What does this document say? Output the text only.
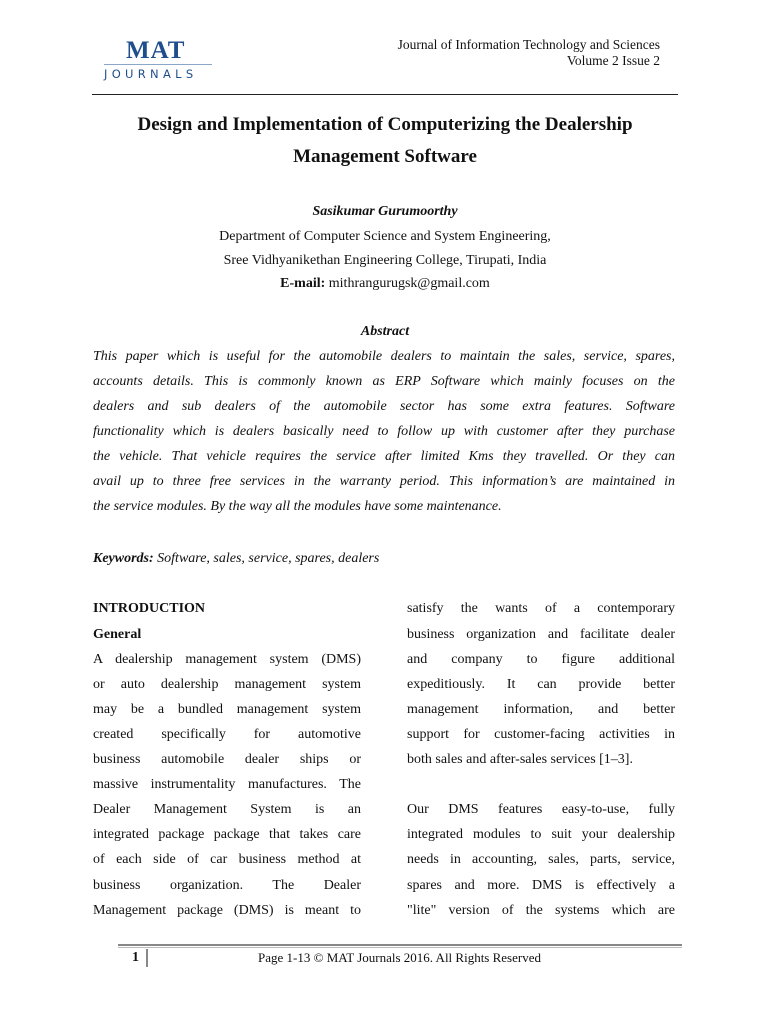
MAT
JOURNALS
Journal of Information Technology and Sciences
Volume 2 Issue 2
Design and Implementation of Computerizing the Dealership
Management Software
Sasikumar Gurumoorthy
Department of Computer Science and System Engineering,
Sree Vidhyanikethan Engineering College, Tirupati, India
E-mail: mithrangurugsk@gmail.com
Abstract
This paper which is useful for the automobile dealers to maintain the sales, service, spares,
accounts details. This is commonly known as ERP Software which mainly focuses on the
dealers and sub dealers of the automobile sector has some extra features. Software
functionality which is dealers basically need to follow up with customer after they purchase
the vehicle. That vehicle requires the service after limited Kms they travelled. Or they can
avail up to three free services in the warranty period. This information’s are maintained in
the service modules. By the way all the modules have some maintenance.
Keywords: Software, sales, service, spares, dealers
INTRODUCTION
General
A dealership management system (DMS)
or auto dealership management system
may be a bundled management system
created specifically for automotive
business automobile dealer ships or
massive instrumentality manufactures. The
Dealer Management System is an
integrated package package that takes care
of each side of car business method at
business organization. The Dealer
Management package (DMS) is meant to
satisfy the wants of a contemporary
business organization and facilitate dealer
and company to figure additional
expeditiously. It can provide better
management information, and better
support for customer-facing activities in
both sales and after-sales services [1–3].
Our DMS features easy-to-use, fully
integrated modules to suit your dealership
needs in accounting, sales, parts, service,
spares and more. DMS is effectively a
"lite" version of the systems which are
1	Page 1-13 © MAT Journals 2016. All Rights Reserved
